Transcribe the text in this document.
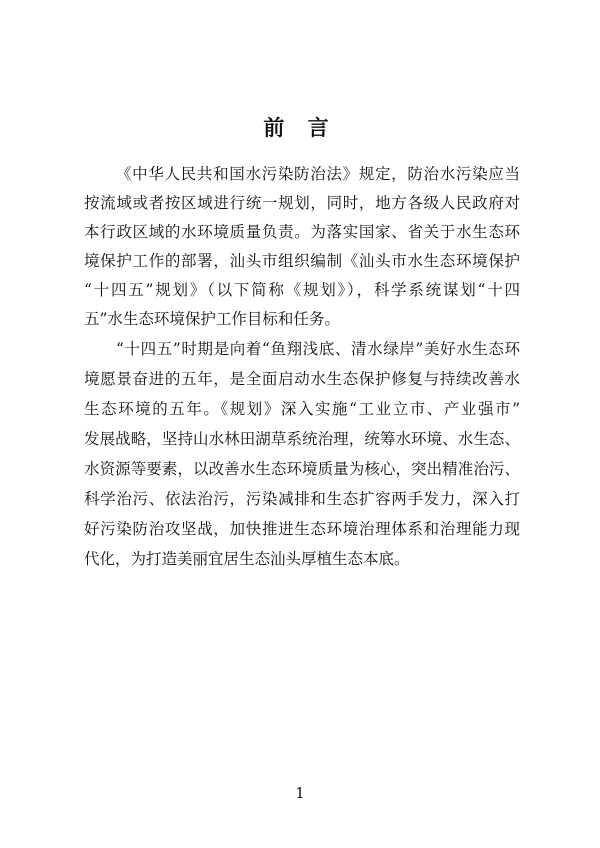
前 言
《中华人民共和国水污染防治法》规定，防治水污染应当
按流域或者按区域进行统一规划，同时，地方各级人民政府对
本行政区域的水环境质量负责。为落实国家、省关于水生态环
境保护工作的部署，汕头市组织编制《汕头市水生态环境保护
“十四五”规划》（以下简称《规划》），科学系统谋划“十四
五”水生态环境保护工作目标和任务。
“十四五”时期是向着“鱼翔浅底、清水绿岸”美好水生态环
境愿景奋进的五年，是全面启动水生态保护修复与持续改善水
生态环境的五年。《规划》深入实施“工业立市、产业强市”
发展战略，坚持山水林田湖草系统治理，统筹水环境、水生态、
水资源等要素，以改善水生态环境质量为核心，突出精准治污、
科学治污、依法治污，污染减排和生态扩容两手发力，深入打
好污染防治攻坚战，加快推进生态环境治理体系和治理能力现
代化，为打造美丽宜居生态汕头厚植生态本底。
1
